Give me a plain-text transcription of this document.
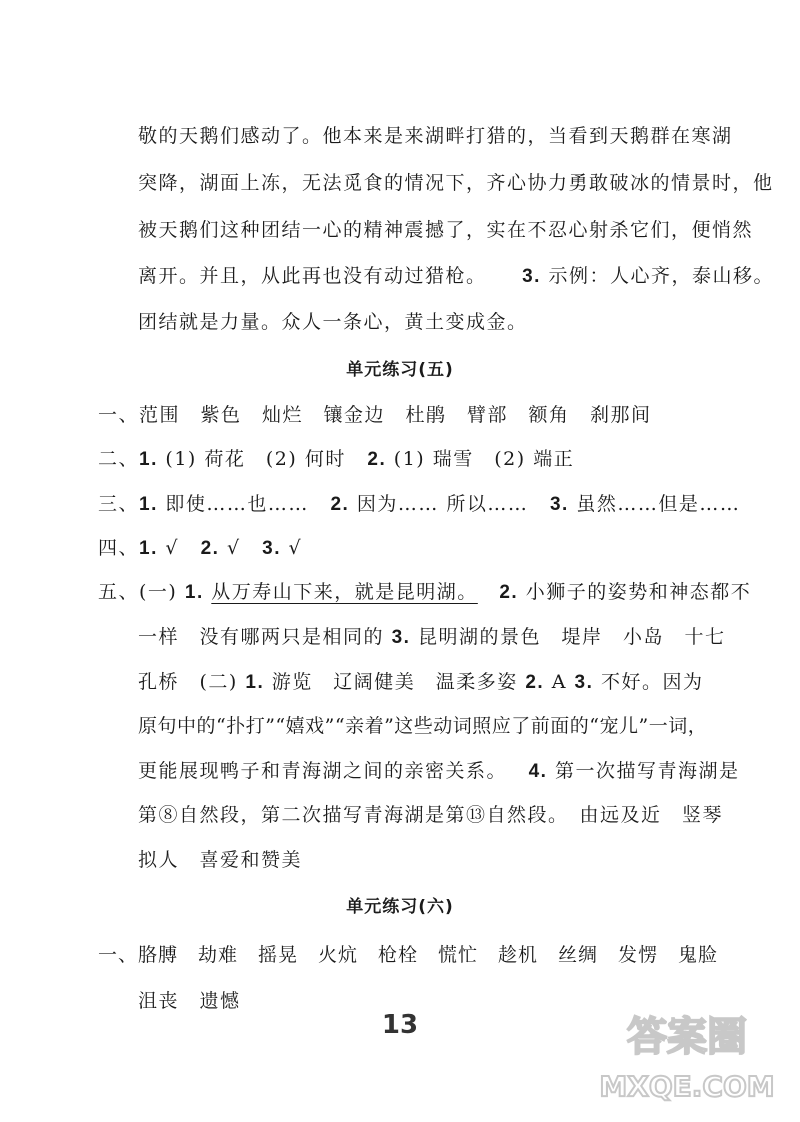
敬的天鹅们感动了。他本来是来湖畔打猎的，当看到天鹅群在寒湖
突降，湖面上冻，无法觅食的情况下，齐心协力勇敢破冰的情景时，他
被天鹅们这种团结一心的精神震撼了，实在不忍心射杀它们，便悄然
离开。并且，从此再也没有动过猎枪。 3. 示例：人心齐，泰山移。
团结就是力量。众人一条心，黄土变成金。
单元练习(五)
一、范围　紫色　灿烂　镶金边　杜鹃　臂部　额角　刹那间
二、1. (1) 荷花　(2) 何时 2. (1) 瑞雪　(2) 端正
三、1. 即使……也…… 2. 因为…… 所以…… 3. 虽然……但是……
四、1. √ 2. √ 3. √
五、(一) 1. 从万寿山下来，就是昆明湖。 2. 小狮子的姿势和神态都不
一样　没有哪两只是相同的 3. 昆明湖的景色　堤岸　小岛　十七
孔桥　(二) 1. 游览　辽阔健美　温柔多姿 2. A 3. 不好。因为
原句中的“扑打”“嬉戏”“亲着”这些动词照应了前面的“宠儿”一词，
更能展现鸭子和青海湖之间的亲密关系。 4. 第一次描写青海湖是
第⑧自然段，第二次描写青海湖是第⑬自然段。　由远及近　竖琴
拟人　喜爱和赞美
单元练习(六)
一、胳膊　劫难　摇晃　火炕　枪栓　慌忙　趁机　丝绸　发愣　鬼脸
沮丧　遗憾
13	答案圈
MXQE.COM
